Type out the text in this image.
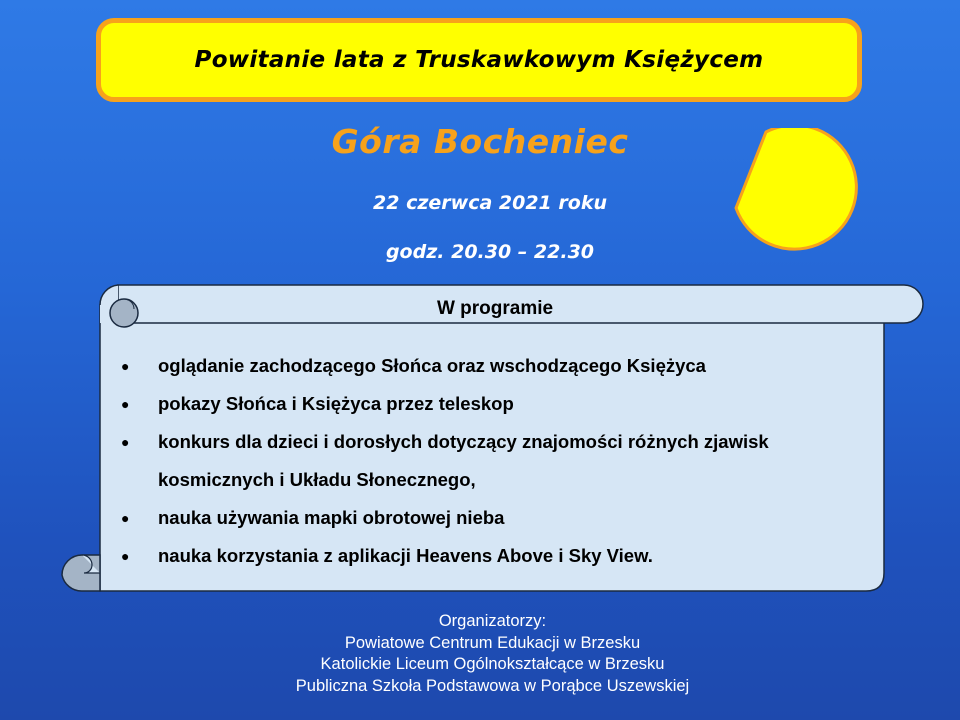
Powitanie lata z Truskawkowym Księżycem
Góra Bocheniec
22 czerwca 2021 roku
godz. 20.30 – 22.30
W programie
● oglądanie zachodzącego Słońca oraz wschodzącego Księżyca
● pokazy Słońca i Księżyca przez teleskop
● konkurs dla dzieci i dorosłych dotyczący znajomości różnych zjawisk
kosmicznych i Układu Słonecznego,
● nauka używania mapki obrotowej nieba
● nauka korzystania z aplikacji Heavens Above i Sky View.
Organizatorzy:
Powiatowe Centrum Edukacji w Brzesku
Katolickie Liceum Ogólnokształcące w Brzesku
Publiczna Szkoła Podstawowa w Porąbce Uszewskiej
